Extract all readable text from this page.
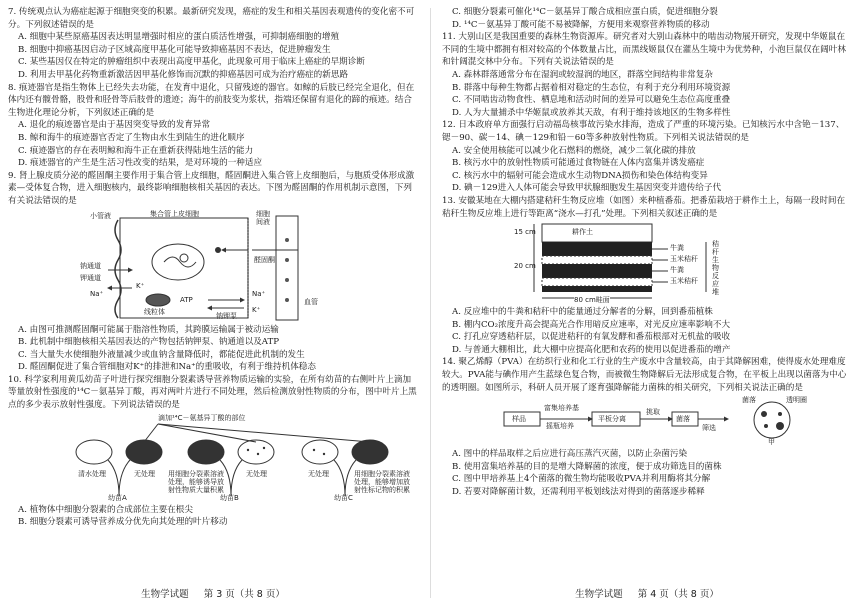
7. 传统观点认为癌症起源于细胞突变的积累。最新研究发现，癌症的发生和相关基因表观遗传的变化密不可分。下列叙述错误的是
A. 细胞中某些原癌基因表达明显增强时相应的蛋白质活性增强，可抑制癌细胞的增殖
B. 细胞中抑癌基因启动子区域高度甲基化可能导致抑癌基因不表达，促进肿瘤发生
C. 某些基因仅在特定的肿瘤组织中表现出高度甲基化，此现象可用于临床上癌症的早期诊断
D. 利用去甲基化药物重新激活因甲基化修饰而沉默的抑癌基因可成为治疗癌症的新思路
8. 痕迹器官是指生物体上已经失去功能，在发育中退化，只留残迹的器官。如鲸的后肢已经完全退化，但在体内还有髋骨骼，股骨和胫骨等后肢骨的遗迹；海牛的前肢变为浆状，指端还保留有退化的蹄的痕迹。结合生物进化理论分析，下列叙述正确的是
A. 退化的痕迹器官是由于基因突变导致的发育异常
B. 鲸和海牛的痕迹器官否定了生物由水生到陆生的进化顺序
C. 痕迹器官的存在表明鲸和海牛正在重新获得陆地生活的能力
D. 痕迹器官的产生是生活习性改变的结果，是对环境的一种适应
9. 肾上腺皮质分泌的醛固酮主要作用于集合管上皮细胞，醛固酮进入集合管上皮细胞后，与胞质受体形成激素—受体复合物，进入细胞核内，最终影响细胞核相关基因的表达。下图为醛固酮的作用机制示意图，下列有关说法错误的是
小管液	集合管上皮细胞	细胞间液
钠通道
钾通道
Na⁺
K⁺
醛固酮
线粒体
ATP
钠钾泵
血管
Na⁺
K⁺
A. 由图可推测醛固酮可能属于脂溶性物质，其跨膜运输属于被动运输
B. 此机制中细胞核相关基因表达的产物包括钠钾泵、钠通道以及ATP
C. 当大量失水使细胞外液量减少或血钠含量降低时，都能促进此机制的发生
D. 醛固酮促进了集合管细胞对K⁺的排泄和Na⁺的重吸收，有利于维持机体稳态
10. 科学家利用黄瓜幼苗子叶进行探究细胞分裂素诱导营养物质运输的实验，在所有幼苗的右侧叶片上滴加等量放射性强度的¹⁴C－氨基异丁酸，再对两叶片进行不同处理，然后检测放射性物质的分布，图中叶片上黑点的多少表示放射性强度。下列说法错误的是
滴加¹⁴C－氨基异丁酸的部位
清水处理	无处理 用细胞分裂素溶液处理，能够诱导放射性物质大量积累
无处理	无处理	用细胞分裂素溶液处理，能够增加放射性标记物的积累
幼苗A	幼苗B	幼苗C
A. 植物体中细胞分裂素的合成部位主要在根尖
B. 细胞分裂素可诱导营养成分优先向其处理的叶片移动
生物学试题 第 3 页（共 8 页）
C. 细胞分裂素可催化¹⁴C－氨基异丁酸合成相应蛋白质，促进细胞分裂
D. ¹⁴C－氨基异丁酸可能不易被降解，方便用来观察营养物质的移动
11. 大别山区是我国重要的森林生物资源库。研究者对大别山森林中的啮齿动物展开研究，发现中华姬鼠在不同的生境中都拥有相对较高的个体数量占比，而黑线姬鼠仅在灌丛生境中为优势种，小泡巨鼠仅在阔叶林和针阔混交林中分布。下列有关说法错误的是
A. 森林群落通常分布在湿润或较湿润的地区，群落空间结构非常复杂
B. 群落中每种生物都占据着相对稳定的生态位，有利于充分利用环境资源
C. 不同啮齿动物食性、栖息地和活动时间的差异可以避免生态位高度重叠
D. 人为大量捕杀中华姬鼠或放养其天敌，有利于维持该地区的生物多样性
12. 日本政府单方面强行启动福岛核事故污染水排海，造成了严重的环境污染。已知核污水中含铯－137、锶－90、碳－14、碘－129和铅－60等多种放射性物质。下列相关说法错误的是
A. 安全使用核能可以减少化石燃料的燃烧，减少二氧化碳的排放
B. 核污水中的放射性物质可能通过食物链在人体内富集并诱发癌症
C. 核污水中的辐射可能会造成水生动物DNA损伤和染色体结构变异
D. 碘－129进入人体可能会导致甲状腺细胞发生基因突变并遗传给子代
13. 安徽某地在大棚内搭建秸秆生物反应堆（如图）来种植番茄。把番茄栽培于耕作土上，每隔一段时间在秸秆生物反应堆上进行等距离“浇水—打孔”处理。下列相关叙述正确的是
耕作土
15 cm
20 cm
80 cm畦面
牛粪
玉米秸秆
牛粪
玉米秸秆
秸秆生物反应堆
A. 反应堆中的牛粪和秸秆中的能量通过分解者的分解，回到番茄植株
B. 棚内CO₂浓度升高会提高光合作用暗反应速率，对光反应速率影响不大
C. 打孔应穿透秸秆层，以促进秸秆的有氧发酵和番茄根部对无机盐的吸收
D. 与普通大棚相比，此大棚中应提高化肥和农药的使用以促进番茄的增产
14. 聚乙烯醇（PVA）在纺织行业和化工行业的生产废水中含量较高，由于其降解困难，使得废水处理难度较大。PVA能与碘作用产生蓝绿色复合物，而被微生物降解后无法形成复合物，在平板上出现以菌落为中心的透明圈。如图所示，科研人员开展了逐育强降解能力菌株的相关研究，下列相关说法正确的是
样品
富集培养基
摇瓶培养
平板分离
挑取
菌落
筛选
菌落	透明圈
甲
A. 图中的样品取样之后应进行高压蒸汽灭菌，以防止杂菌污染
B. 使用富集培养基的目的是增大降解菌的浓度，便于成功筛选目的菌株
C. 图中甲培养基上4个菌落的微生物均能吸收PVA并利用酶将其分解
D. 若要对降解菌计数，还需利用平板划线法对得到的菌落逐步稀释
生物学试题 第 4 页（共 8 页）
